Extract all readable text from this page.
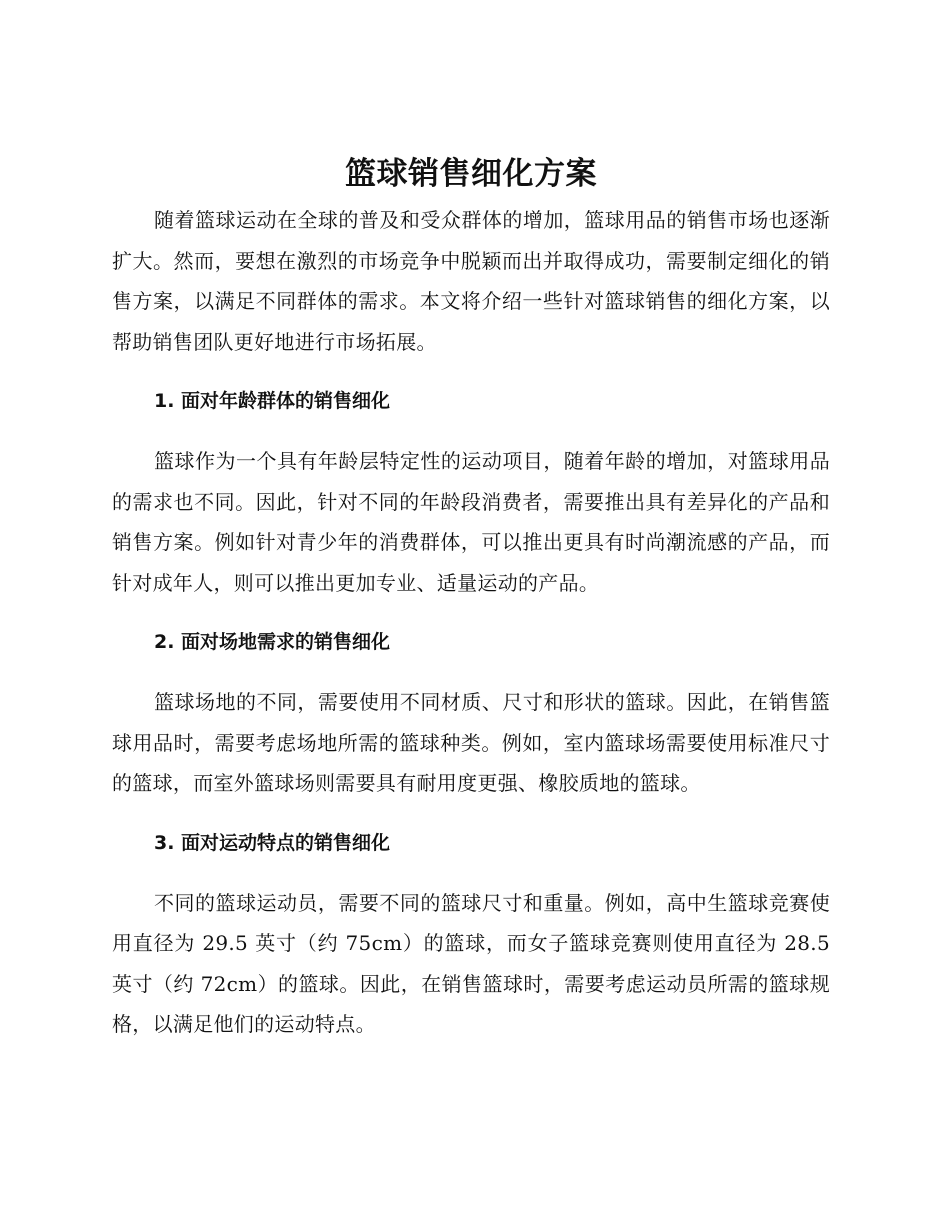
篮球销售细化方案

随着篮球运动在全球的普及和受众群体的增加，篮球用品的销售市场也逐渐扩大。然而，要想在激烈的市场竞争中脱颖而出并取得成功，需要制定细化的销售方案，以满足不同群体的需求。本文将介绍一些针对篮球销售的细化方案，以帮助销售团队更好地进行市场拓展。

1. 面对年龄群体的销售细化

篮球作为一个具有年龄层特定性的运动项目，随着年龄的增加，对篮球用品的需求也不同。因此，针对不同的年龄段消费者，需要推出具有差异化的产品和销售方案。例如针对青少年的消费群体，可以推出更具有时尚潮流感的产品，而针对成年人，则可以推出更加专业、适量运动的产品。

2. 面对场地需求的销售细化

篮球场地的不同，需要使用不同材质、尺寸和形状的篮球。因此，在销售篮球用品时，需要考虑场地所需的篮球种类。例如，室内篮球场需要使用标准尺寸的篮球，而室外篮球场则需要具有耐用度更强、橡胶质地的篮球。

3. 面对运动特点的销售细化

不同的篮球运动员，需要不同的篮球尺寸和重量。例如，高中生篮球竞赛使用直径为 29.5 英寸（约 75cm）的篮球，而女子篮球竞赛则使用直径为 28.5 英寸（约 72cm）的篮球。因此，在销售篮球时，需要考虑运动员所需的篮球规格，以满足他们的运动特点。
